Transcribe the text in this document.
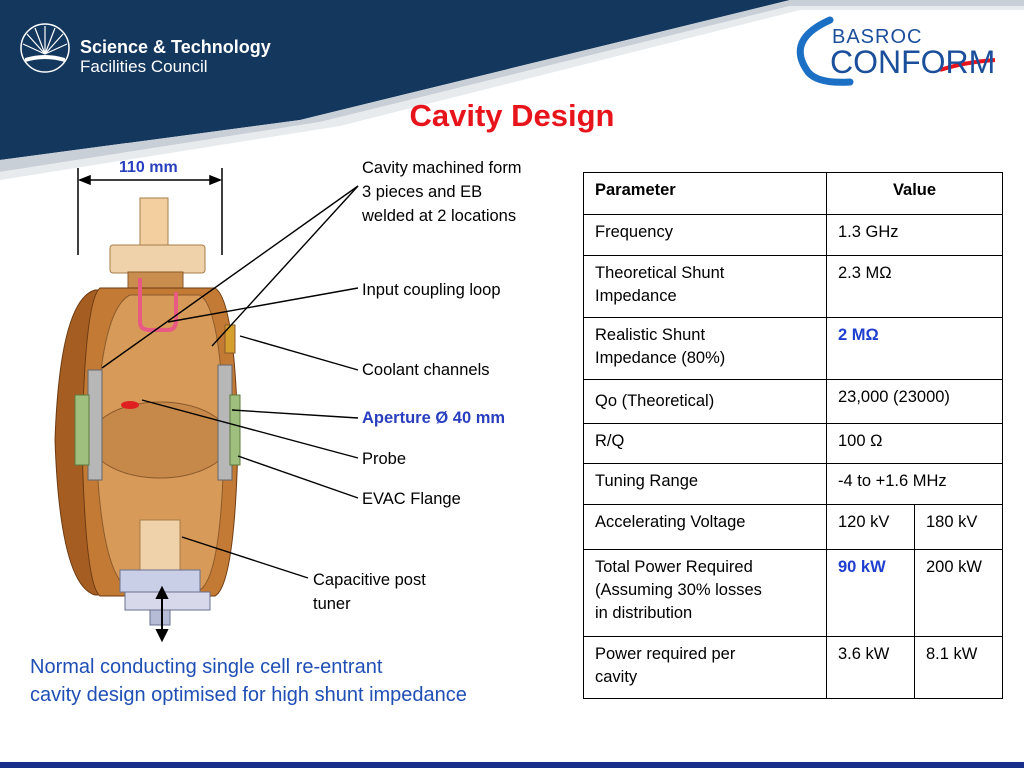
Science & Technology
Facilities Council
BASROC
CONFORM
Cavity Design
110 mm	Cavity machined form
3 pieces and EB
welded at 2 locations
Input coupling loop
Coolant channels
Aperture Ø 40 mm
Probe
EVAC Flange
Capacitive post
tuner
Normal conducting single cell re-entrant
cavity design optimised for high shunt impedance
Parameter	Value	
Frequency	1.3 GHz	

Theoretical Shunt
Impedance	2.3 MΩ	

Realistic Shunt
Impedance (80%)	2 MΩ	
Qo (Theoretical)	23,000 (23000)	
R/Q	100 Ω	
Tuning Range	-4 to +1.6 MHz	
Accelerating Voltage	120 kV	180 kV

Total Power Required
(Assuming 30% losses
in distribution	90 kW	200 kW

Power required per
cavity	3.6 kW	8.1 kW
